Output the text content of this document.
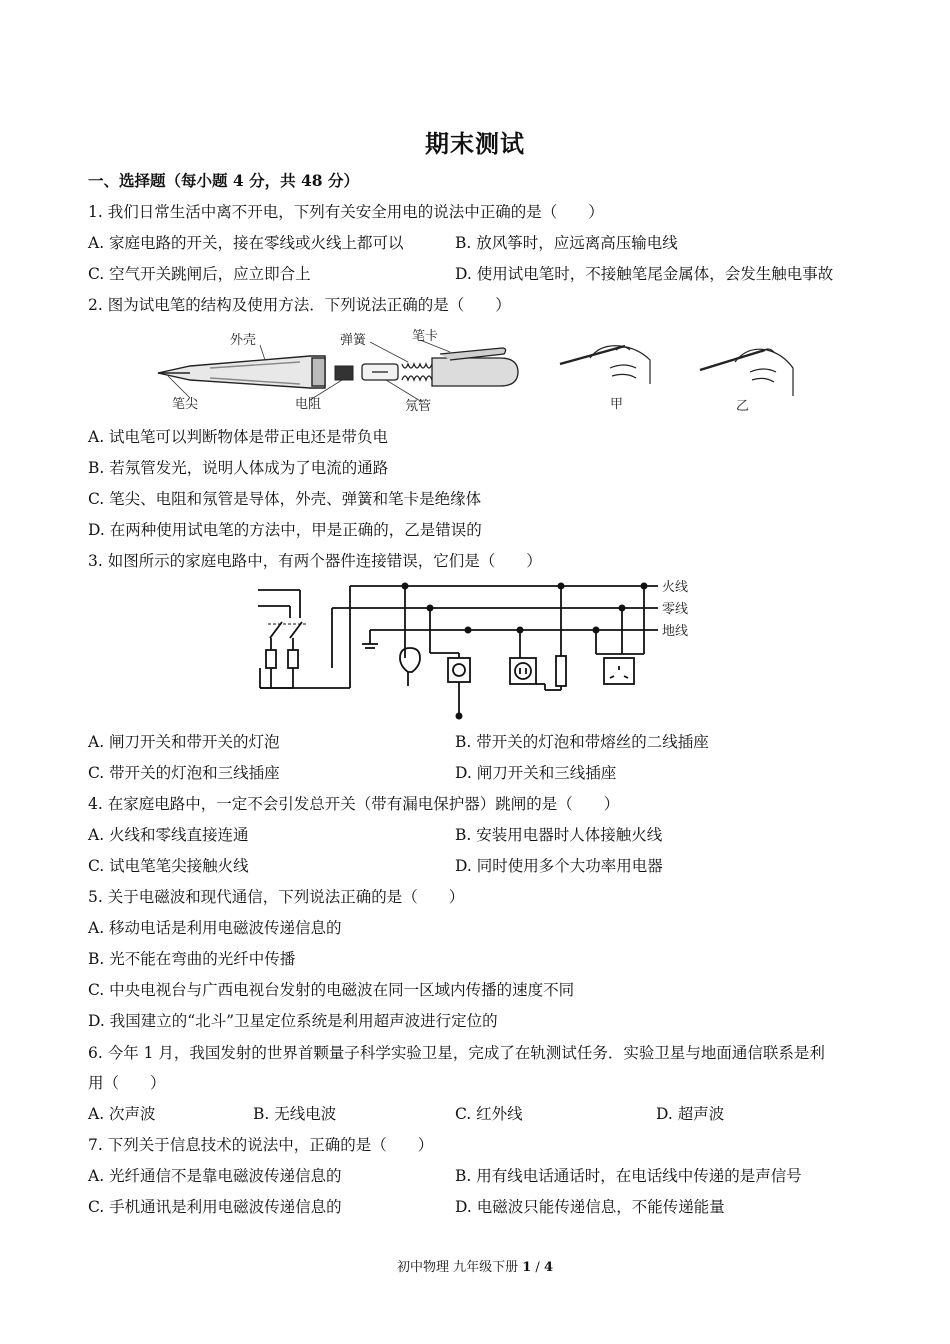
期末测试
一、选择题（每小题 4 分，共 48 分）
1. 我们日常生活中离不开电，下列有关安全用电的说法中正确的是（　　）
A. 家庭电路的开关，接在零线或火线上都可以	B. 放风筝时，应远离高压输电线
C. 空气开关跳闸后，应立即合上	D. 使用试电笔时，不接触笔尾金属体，会发生触电事故
2. 图为试电笔的结构及使用方法．下列说法正确的是（　　）
外壳	弹簧	笔卡
笔尖	电阻	氖管	甲	乙
A. 试电笔可以判断物体是带正电还是带负电
B. 若氖管发光，说明人体成为了电流的通路
C. 笔尖、电阻和氖管是导体，外壳、弹簧和笔卡是绝缘体
D. 在两种使用试电笔的方法中，甲是正确的，乙是错误的
3. 如图所示的家庭电路中，有两个器件连接错误，它们是（　　）
火线
零线
地线
A. 闸刀开关和带开关的灯泡	B. 带开关的灯泡和带熔丝的二线插座
C. 带开关的灯泡和三线插座	D. 闸刀开关和三线插座
4. 在家庭电路中，一定不会引发总开关（带有漏电保护器）跳闸的是（　　）
A. 火线和零线直接连通	B. 安装用电器时人体接触火线
C. 试电笔笔尖接触火线	D. 同时使用多个大功率用电器
5. 关于电磁波和现代通信，下列说法正确的是（　　）
A. 移动电话是利用电磁波传递信息的
B. 光不能在弯曲的光纤中传播
C. 中央电视台与广西电视台发射的电磁波在同一区域内传播的速度不同
D. 我国建立的“北斗”卫星定位系统是利用超声波进行定位的
6. 今年 1 月，我国发射的世界首颗量子科学实验卫星，完成了在轨测试任务．实验卫星与地面通信联系是利
用（　　）
A. 次声波	B. 无线电波	C. 红外线	D. 超声波
7. 下列关于信息技术的说法中，正确的是（　　）
A. 光纤通信不是靠电磁波传递信息的	B. 用有线电话通话时，在电话线中传递的是声信号
C. 手机通讯是利用电磁波传递信息的	D. 电磁波只能传递信息，不能传递能量
初中物理 九年级下册 1 / 4
